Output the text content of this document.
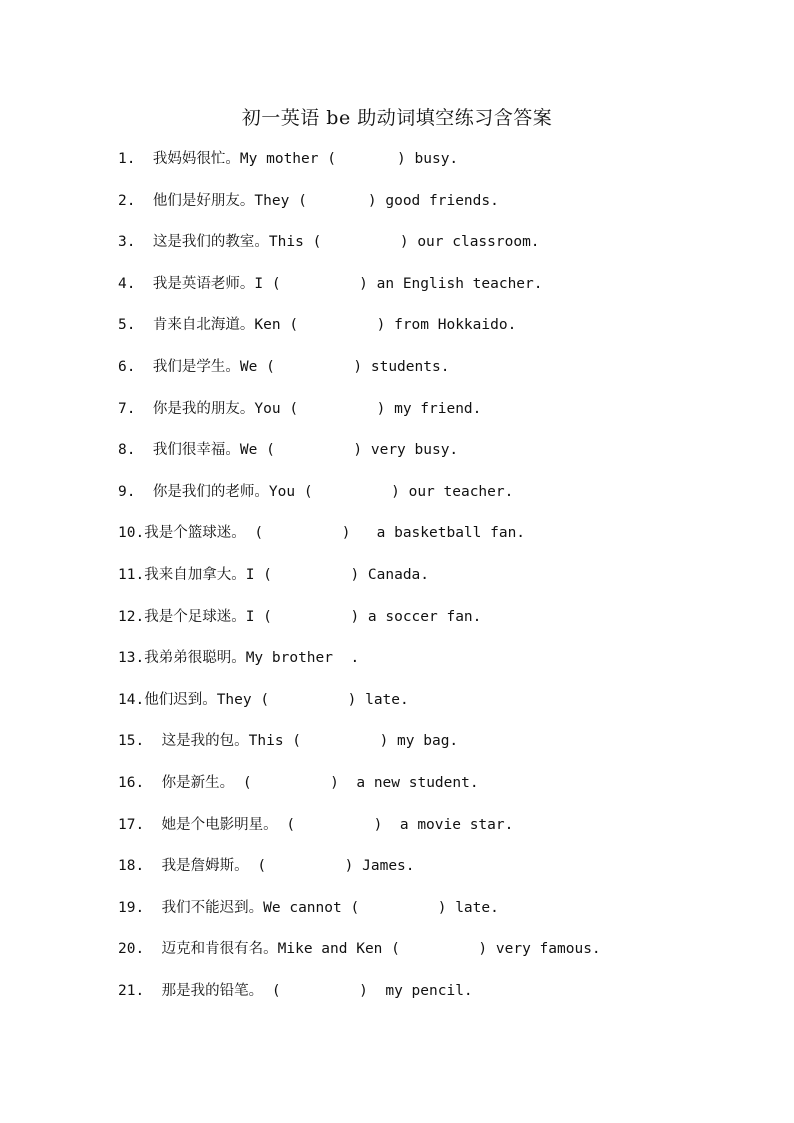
初一英语 be 助动词填空练习含答案
1.  我妈妈很忙。My mother (       ) busy.
2.  他们是好朋友。They (       ) good friends.
3.  这是我们的教室。This (         ) our classroom.
4.  我是英语老师。I (         ) an English teacher.
5.  肯来自北海道。Ken (         ) from Hokkaido.
6.  我们是学生。We (         ) students.
7.  你是我的朋友。You (         ) my friend.
8.  我们很幸福。We (         ) very busy.
9.  你是我们的老师。You (         ) our teacher.
10.我是个篮球迷。 (         )   a basketball fan.
11.我来自加拿大。I (         ) Canada.
12.我是个足球迷。I (         ) a soccer fan.
13.我弟弟很聪明。My brother  .
14.他们迟到。They (         ) late.
15.  这是我的包。This (         ) my bag.
16.  你是新生。 (         )  a new student.
17.  她是个电影明星。 (         )  a movie star.
18.  我是詹姆斯。 (         ) James.
19.  我们不能迟到。We cannot (         ) late.
20.  迈克和肯很有名。Mike and Ken (         ) very famous.
21.  那是我的铅笔。 (         )  my pencil.
